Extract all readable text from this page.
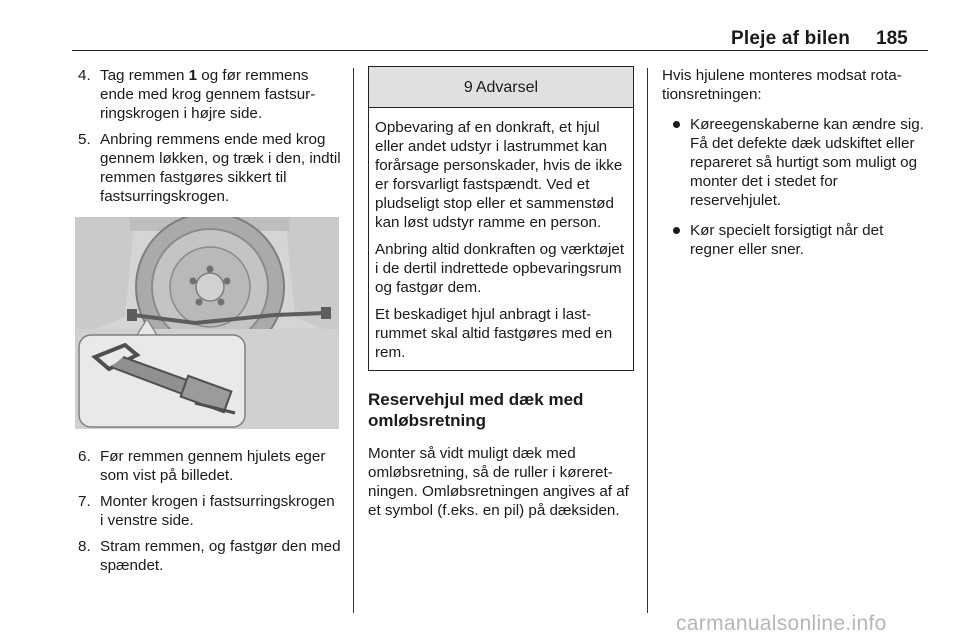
Pleje af bilen 185
4. Tag remmen 1 og før remmens ende med krog gennem fastsurringskrogen i højre side.
5. Anbring remmens ende med krog gennem løkken, og træk i den, indtil remmen fastgøres sikkert til fastsurringskrogen.
6. Før remmen gennem hjulets eger som vist på billedet.
7. Monter krogen i fastsurringskrogen i venstre side.
8. Stram remmen, og fastgør den med spændet.
9 Advarsel

Opbevaring af en donkraft, et hjul eller andet udstyr i lastrummet kan forårsage personskader, hvis de ikke er forsvarligt fastspændt. Ved et pludseligt stop eller et sammenstød kan løst udstyr ramme en person.

Anbring altid donkraften og værktøjet i de dertil indrettede opbevaringsrum og fastgør dem.

Et beskadiget hjul anbragt i lastrummet skal altid fastgøres med en rem.

Reservehjul med dæk med omløbsretning

Monter så vidt muligt dæk med omløbsretning, så de ruller i køreretningen. Omløbsretningen angives af af et symbol (f.eks. en pil) på dæksiden.

Hvis hjulene monteres modsat rotationsretningen:

Køreegenskaberne kan ændre sig. Få det defekte dæk udskiftet eller repareret så hurtigt som muligt og monter det i stedet for reservehjulet.
Kør specielt forsigtigt når det regner eller sner.
carmanualsonline.info
